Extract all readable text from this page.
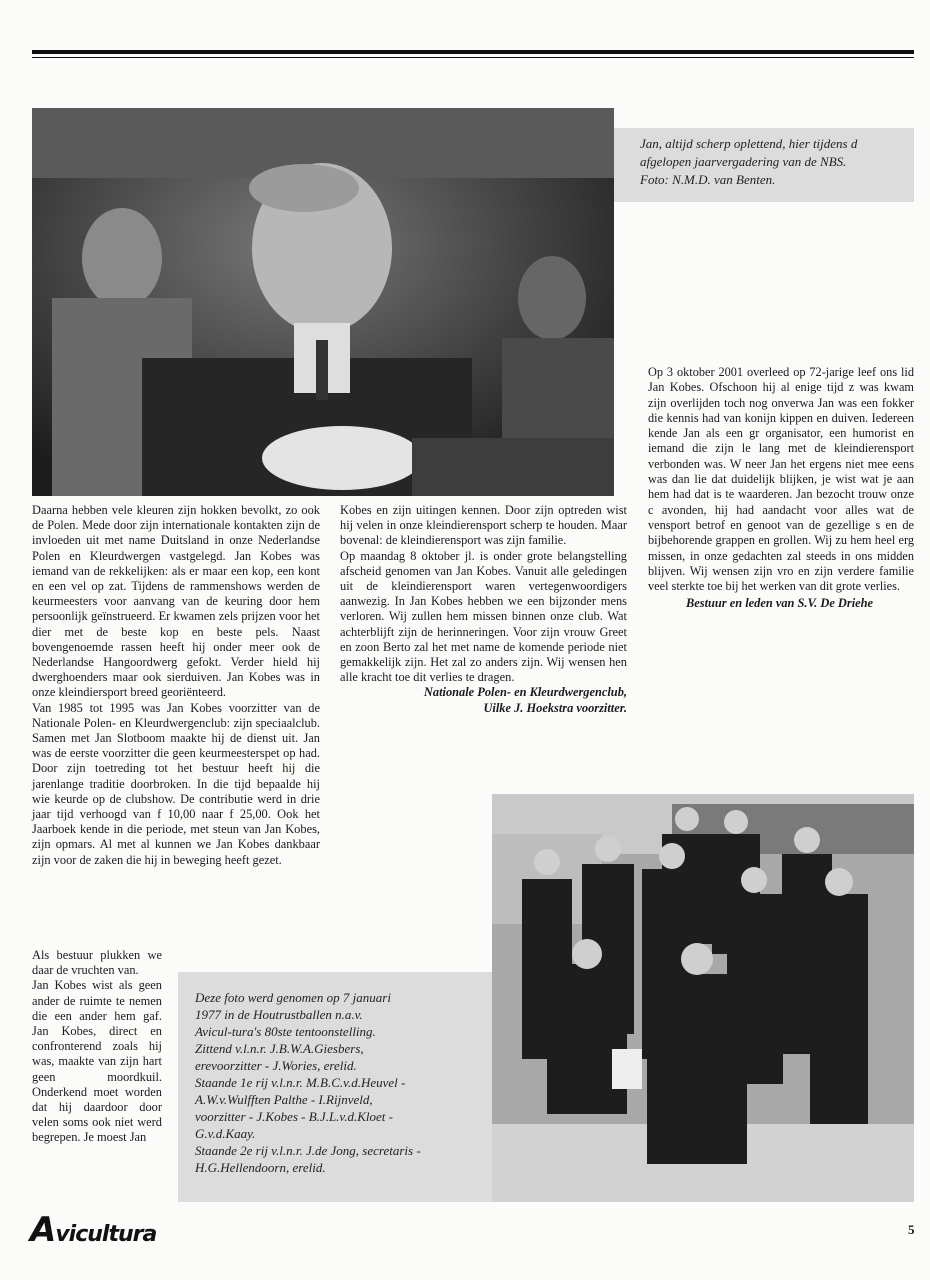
Jan, altijd scherp oplettend, hier tijdens d
afgelopen jaarvergadering van de NBS.
Foto: N.M.D. van Benten.

Op 3 oktober 2001 overleed op 72-jarige leef ons lid Jan Kobes. Ofschoon hij al enige tijd z was kwam zijn overlijden toch nog onverwa Jan was een fokker die kennis had van konijn kippen en duiven. Iedereen kende Jan als een gr organisator, een humorist en iemand die zijn le lang met de kleindierensport verbonden was. W neer Jan het ergens niet mee eens was dan lie dat duidelijk blijken, je wist wat je aan hem had dat is te waarderen. Jan bezocht trouw onze c avonden, hij had aandacht voor alles wat de vensport betrof en genoot van de gezellige s en de bijbehorende grappen en grollen. Wij zu hem heel erg missen, in onze gedachten zal steeds in ons midden blijven. Wij wensen zijn vro en zijn verdere familie veel sterkte toe bij het werken van dit grote verlies.

Bestuur en leden van S.V. De Driehe

Daarna hebben vele kleuren zijn hokken bevolkt, zo ook de Polen. Mede door zijn internationale kontakten zijn de invloeden uit met name Duitsland in onze Nederlandse Polen en Kleurdwergen vastgelegd. Jan Kobes was iemand van de rekkelijken: als er maar een kop, een kont en een vel op zat. Tijdens de rammenshows werden de keurmeesters voor aanvang van de keuring door hem persoonlijk geïnstrueerd. Er kwamen zels prijzen voor het dier met de beste kop en beste pels. Naast bovengenoemde rassen heeft hij onder meer ook de Nederlandse Hangoordwerg gefokt. Verder hield hij dwerghoenders maar ook sierduiven. Jan Kobes was in onze kleindiersport breed georiënteerd.

Van 1985 tot 1995 was Jan Kobes voorzitter van de Nationale Polen- en Kleurdwergenclub: zijn speciaalclub. Samen met Jan Slotboom maakte hij de dienst uit. Jan was de eerste voorzitter die geen keurmeesterspet op had. Door zijn toetreding tot het bestuur heeft hij die jarenlange traditie doorbroken. In die tijd bepaalde hij wie keurde op de clubshow. De contributie werd in drie jaar tijd verhoogd van f 10,00 naar f 25,00. Ook het Jaarboek kende in die periode, met steun van Jan Kobes, zijn opmars. Al met al kunnen we Jan Kobes dankbaar zijn voor de zaken die hij in beweging heeft gezet.

Als bestuur plukken we daar de vruchten van.

Jan Kobes wist als geen ander de ruimte te nemen die een ander hem gaf. Jan Kobes, direct en confronterend zoals hij was, maakte van zijn hart geen moordkuil. Onderkend moet worden dat hij daardoor door velen soms ook niet werd begrepen. Je moest Jan

Kobes en zijn uitingen kennen. Door zijn optreden wist hij velen in onze kleindierensport scherp te houden. Maar bovenal: de kleindierensport was zijn familie.

Op maandag 8 oktober jl. is onder grote belangstelling afscheid genomen van Jan Kobes. Vanuit alle geledingen uit de kleindierensport waren vertegenwoordigers aanwezig. In Jan Kobes hebben we een bijzonder mens verloren. Wij zullen hem missen binnen onze club. Wat achterblijft zijn de herinneringen. Voor zijn vrouw Greet en zoon Berto zal het met name de komende periode niet gemakkelijk zijn. Het zal zo anders zijn. Wij wensen hen alle kracht toe dit verlies te dragen.

Nationale Polen- en Kleurdwergenclub,

Uilke J. Hoekstra voorzitter.

Deze foto werd genomen op 7 januari
1977 in de Houtrustballen n.a.v.
Avicul-tura's 80ste tentoonstelling.
Zittend v.l.n.r. J.B.W.A.Giesbers,
erevoorzitter - J.Wories, erelid.
Staande 1e rij v.l.n.r. M.B.C.v.d.Heuvel -
A.W.v.Wulfften Palthe - I.Rijnveld,
voorzitter - J.Kobes - B.J.L.v.d.Kloet -
G.v.d.Kaay.
Staande 2e rij v.l.n.r. J.de Jong, secretaris -
H.G.Hellendoorn, erelid.
Avicultura	5
